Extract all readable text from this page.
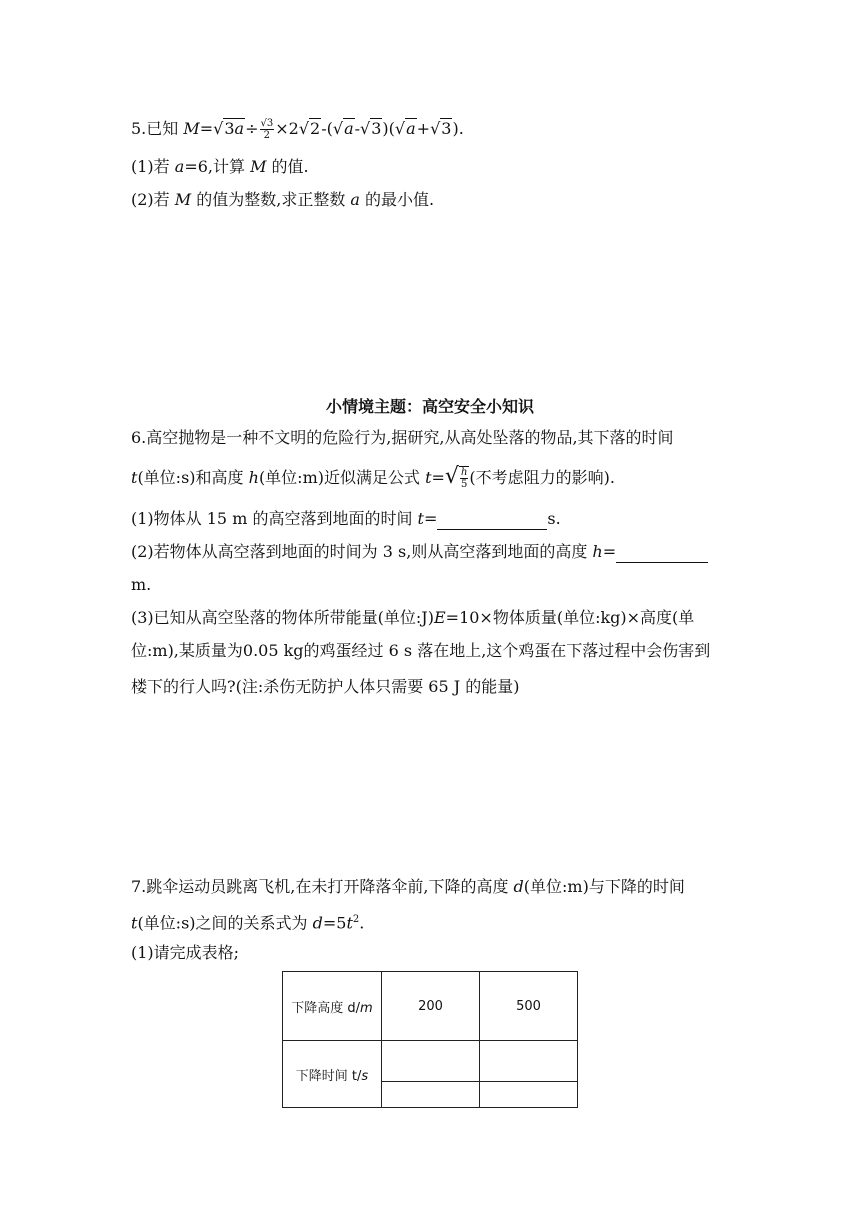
5.已知 $M=√3a\div \frac{√3}{2} \times 2√2-(√a-√3)(√a+√3)$.
(1)若 a=6,计算 M 的值.
(2)若 M 的值为整数,求正整数 a 的最小值.
小情境主题：高空安全小知识
6.高空抛物是一种不文明的危险行为,据研究,从高处坠落的物品,其下落的时间
t(单位:s)和高度 h(单位:m)近似满足公式 $t=√ \frac{h}{5}$ (不考虑阻力的影响).
(1)物体从 15 m 的高空落到地面的时间 t=	s.
(2)若物体从高空落到地面的时间为 3 s,则从高空落到地面的高度 h=
m.
(3)已知从高空坠落的物体所带能量(单位:J)E=10×物体质量(单位:kg)×高度(单
位:m),某质量为0.05 kg的鸡蛋经过 6 s 落在地上,这个鸡蛋在下落过程中会伤害到
楼下的行人吗?(注:杀伤无防护人体只需要 65 J 的能量)
7.跳伞运动员跳离飞机,在未打开降落伞前,下降的高度 d(单位:m)与下降的时间
t(单位:s)之间的关系式为 $d=5t^2$.
(1)请完成表格;
下降高度 d/m	200	500
下降时间 t/s		
